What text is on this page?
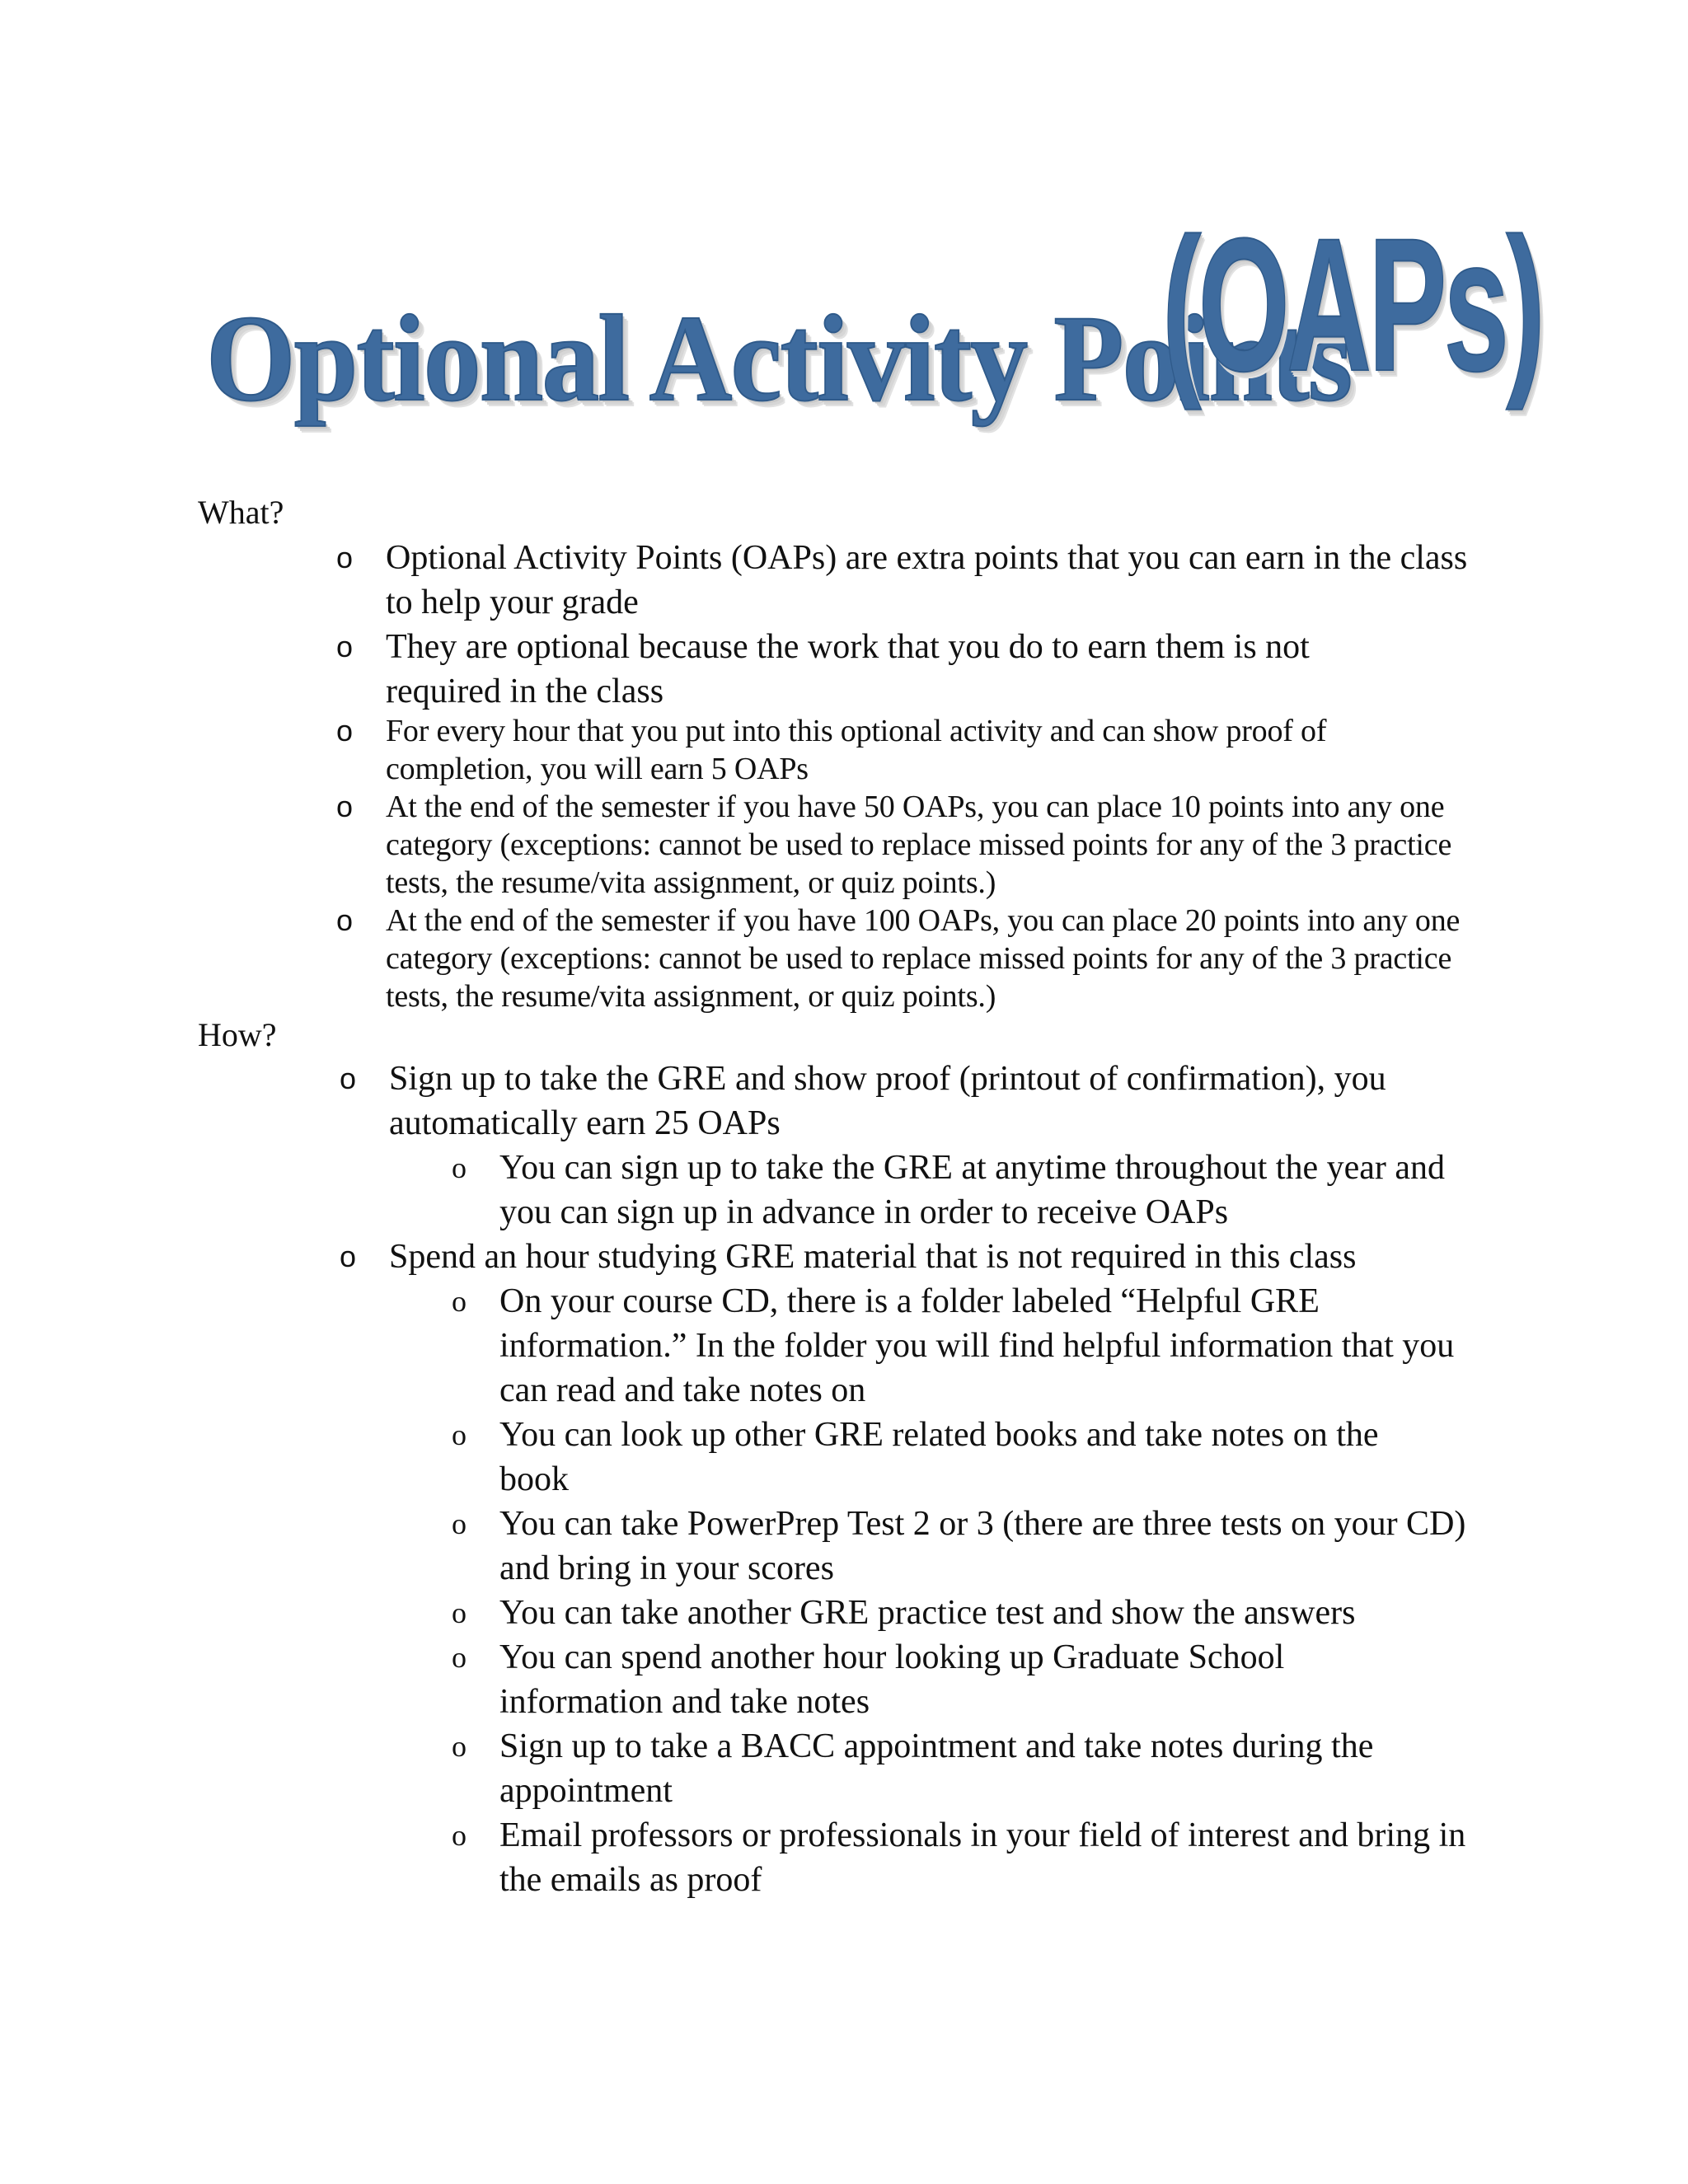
Optional Activity Points
(OAPs)
What?
o Optional Activity Points (OAPs) are extra points that you can earn in the class to help your grade
o They are optional because the work that you do to earn them is not required in the class
o For every hour that you put into this optional activity and can show proof of completion, you will earn 5 OAPs
o At the end of the semester if you have 50 OAPs, you can place 10 points into any one category (exceptions: cannot be used to replace missed points for any of the 3 practice tests, the resume/vita assignment, or quiz points.)
o At the end of the semester if you have 100 OAPs, you can place 20 points into any one category (exceptions: cannot be used to replace missed points for any of the 3 practice tests, the resume/vita assignment, or quiz points.)
How?
o Sign up to take the GRE and show proof (printout of confirmation), you automatically earn 25 OAPs
o You can sign up to take the GRE at anytime throughout the year and you can sign up in advance in order to receive OAPs
o Spend an hour studying GRE material that is not required in this class
o On your course CD, there is a folder labeled “Helpful GRE information.” In the folder you will find helpful information that you can read and take notes on
o You can look up other GRE related books and take notes on the book
o You can take PowerPrep Test 2 or 3 (there are three tests on your CD) and bring in your scores
o You can take another GRE practice test and show the answers
o You can spend another hour looking up Graduate School information and take notes
o Sign up to take a BACC appointment and take notes during the appointment
o Email professors or professionals in your field of interest and bring in the emails as proof
